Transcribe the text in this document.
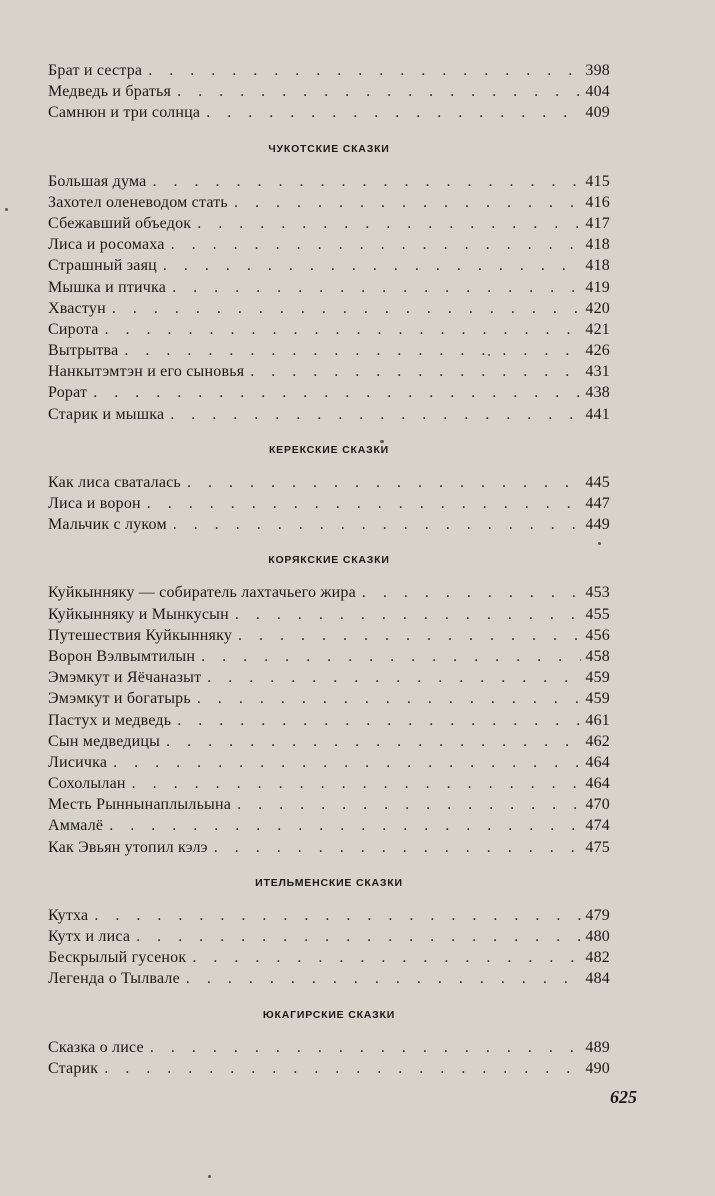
Брат и сестра . . .	398
Медведь и братья . . .	404
Самнюн и три солнца . . .	409
ЧУКОТСКИЕ СКАЗКИ
Большая дума . . .	415
Захотел оленеводом стать . . .	416
Сбежавший объедок . . .	417
Лиса и росомаха . . .	418
Страшный заяц . . .	418
Мышка и птичка . . .	419
Хвастун . . .	420
Сирота . . .	421
Вытрытва . . .	426
Нанкытэмтэн и его сыновья . . .	431
Рорат . . .	438
Старик и мышка . . .	441
КЕРЕКСКИЕ СКАЗКИ
Как лиса сваталась . . .	445
Лиса и ворон . . .	447
Мальчик с луком . . .	449
КОРЯКСКИЕ СКАЗКИ
Куйкынняку — собиратель лахтачьего жира . . .	453
Куйкынняку и Мынкусын . . .	455
Путешествия Куйкынняку . . .	456
Ворон Вэлвымтилын . . .	458
Эмэмкут и Яёчаназыт . . .	459
Эмэмкут и богатырь . . .	459
Пастух и медведь . . .	461
Сын медведицы . . .	462
Лисичка . . .	464
Сохолылан . . .	464
Месть Рыннынаплыльына . . .	470
Аммалё . . .	474
Как Эвьян утопил кэлэ . . .	475
ИТЕЛЬМЕНСКИЕ СКАЗКИ
Кутха . . .	479
Кутх и лиса . . .	480
Бескрылый гусенок . . .	482
Легенда о Тылвале . . .	484
ЮКАГИРСКИЕ СКАЗКИ
Сказка о лисе . . .	489
Старик . . .	490
625
